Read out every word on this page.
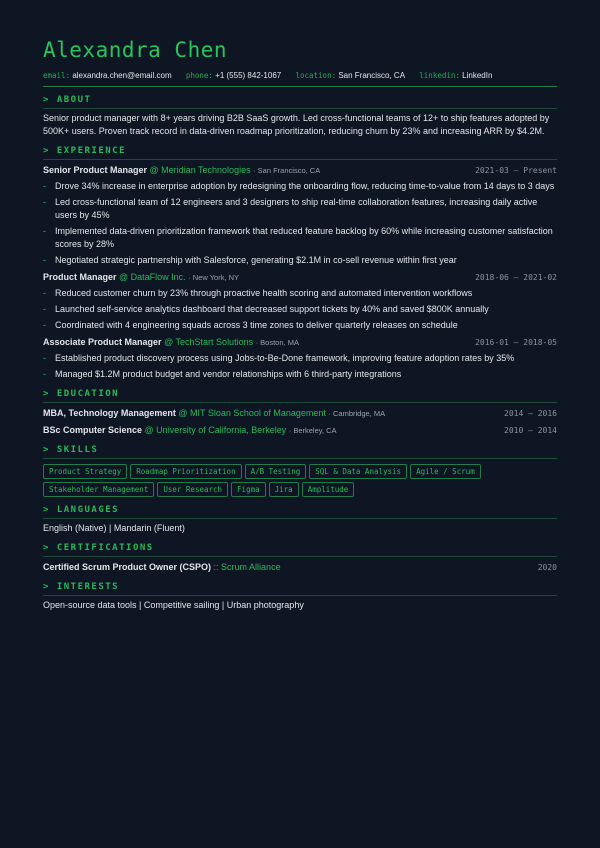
Alexandra Chen
email: alexandra.chen@email.com phone: +1 (555) 842-1067 location: San Francisco, CA linkedin: LinkedIn
> ABOUT
Senior product manager with 8+ years driving B2B SaaS growth. Led cross-functional teams of 12+ to ship features adopted by 500K+ users. Proven track record in data-driven roadmap prioritization, reducing churn by 23% and increasing ARR by $4.2M.
> EXPERIENCE
Senior Product Manager @ Meridian Technologies · San Francisco, CA	2021-03 – Present
- Drove 34% increase in enterprise adoption by redesigning the onboarding flow, reducing time-to-value from 14 days to 3 days
- Led cross-functional team of 12 engineers and 3 designers to ship real-time collaboration features, increasing daily active users by 45%
- Implemented data-driven prioritization framework that reduced feature backlog by 60% while increasing customer satisfaction scores by 28%
- Negotiated strategic partnership with Salesforce, generating $2.1M in co-sell revenue within first year
Product Manager @ DataFlow Inc. · New York, NY	2018-06 – 2021-02
- Reduced customer churn by 23% through proactive health scoring and automated intervention workflows
- Launched self-service analytics dashboard that decreased support tickets by 40% and saved $800K annually
- Coordinated with 4 engineering squads across 3 time zones to deliver quarterly releases on schedule
Associate Product Manager @ TechStart Solutions · Boston, MA	2016-01 – 2018-05
- Established product discovery process using Jobs-to-Be-Done framework, improving feature adoption rates by 35%
- Managed $1.2M product budget and vendor relationships with 6 third-party integrations
> EDUCATION
MBA, Technology Management @ MIT Sloan School of Management · Cambridge, MA	2014 – 2016
BSc Computer Science @ University of California, Berkeley · Berkeley, CA	2010 – 2014
> SKILLS
Product Strategy	Roadmap Prioritization	A/B Testing	SQL & Data Analysis	Agile / Scrum
Stakeholder Management	User Research	Figma	Jira	Amplitude
> LANGUAGES
English (Native) | Mandarin (Fluent)
> CERTIFICATIONS
Certified Scrum Product Owner (CSPO) :: Scrum Alliance	2020
> INTERESTS
Open-source data tools | Competitive sailing | Urban photography
